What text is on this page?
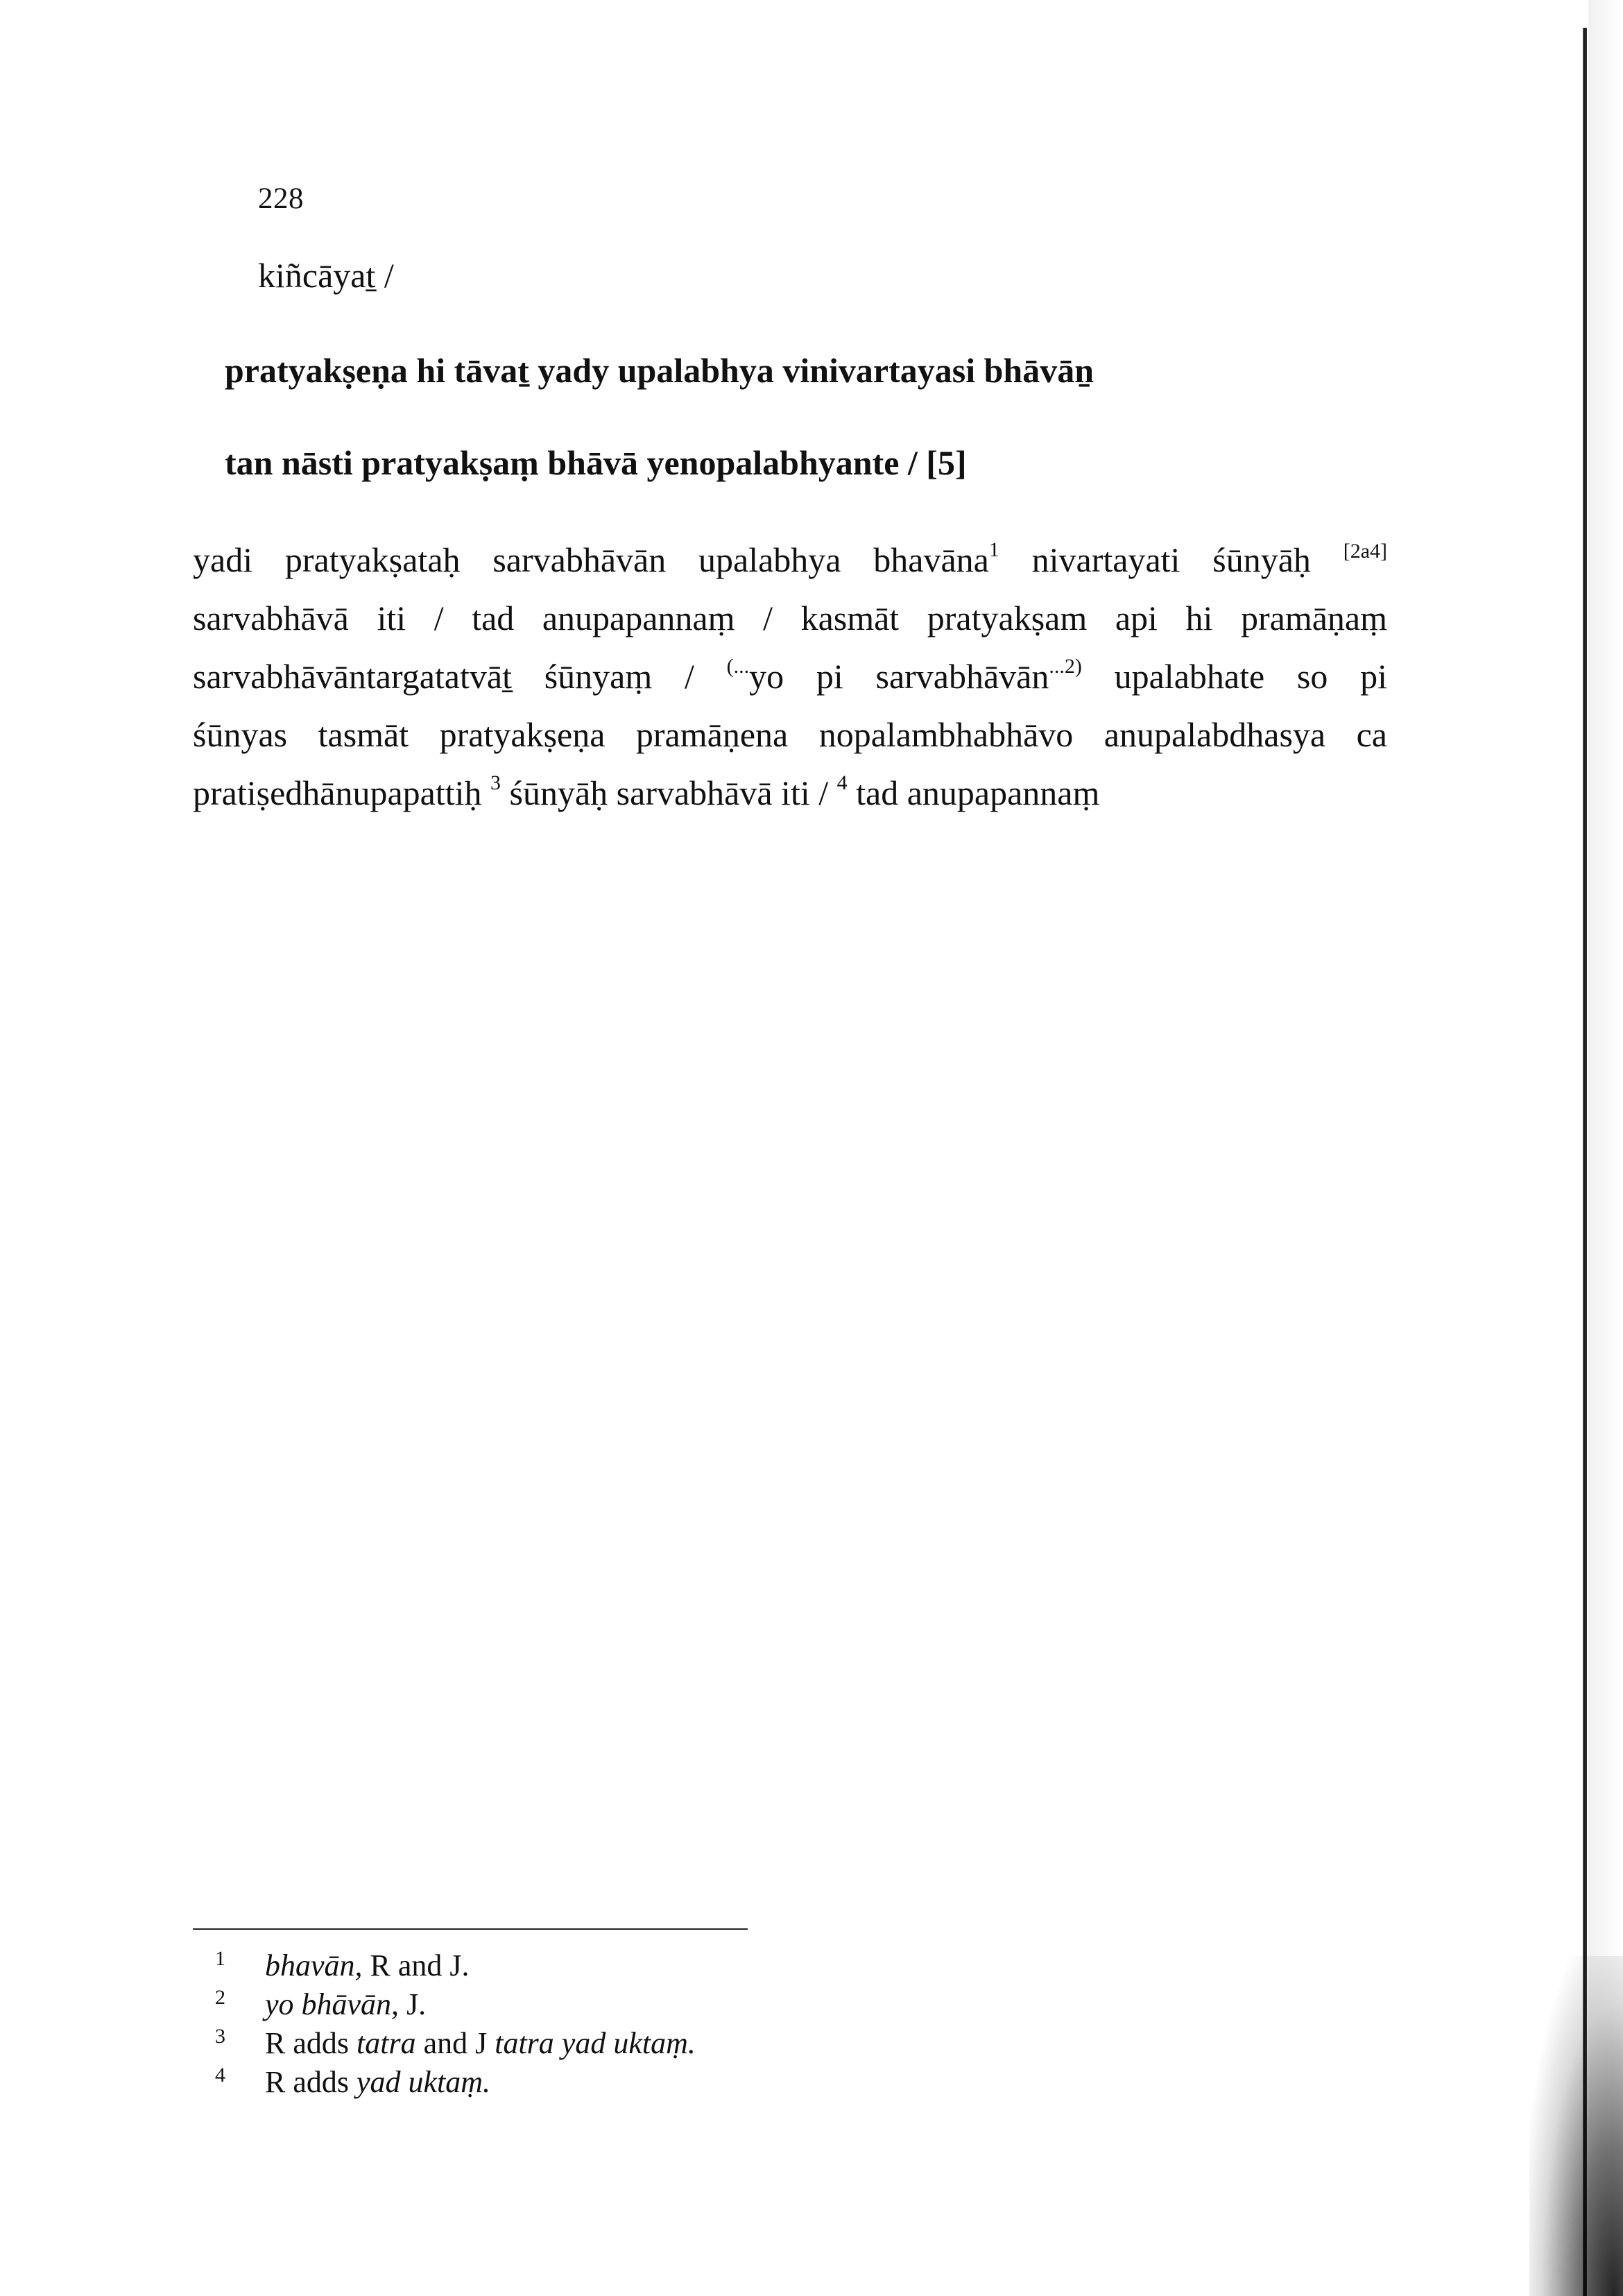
228
kiñcāyaṯ /
pratyakṣeṇa hi tāvaṯ yady upalabhya vinivartayasi bhāvāṉ
tan nāsti pratyakṣaṃ bhāvā yenopalabhyante / [5]
yadi pratyakṣataḥ sarvabhāvān upalabhya bhavāna$^1$ nivartayati śūnyāḥ [2a4]
sarvabhāvā iti / tad anupapannaṃ / kasmāt pratyakṣam api hi pramāṇaṃ
sarvabhāvāntargatatvāṯ śūnyaṃ / (...yo pi sarvabhāvān$^{...2)}$ upalabhate so pi
śūnyas tasmāt pratyakṣeṇa pramāṇena nopalambhabhāvo anupalabdhasya ca
pratiṣedhānupapattiḥ $^3$ śūnyāḥ sarvabhāvā iti / $^4$ tad anupapannaṃ
1 bhavān, R and J.
2 yo bhāvān, J.
3 R adds tatra and J tatra yad uktaṃ.
4 R adds yad uktaṃ.
